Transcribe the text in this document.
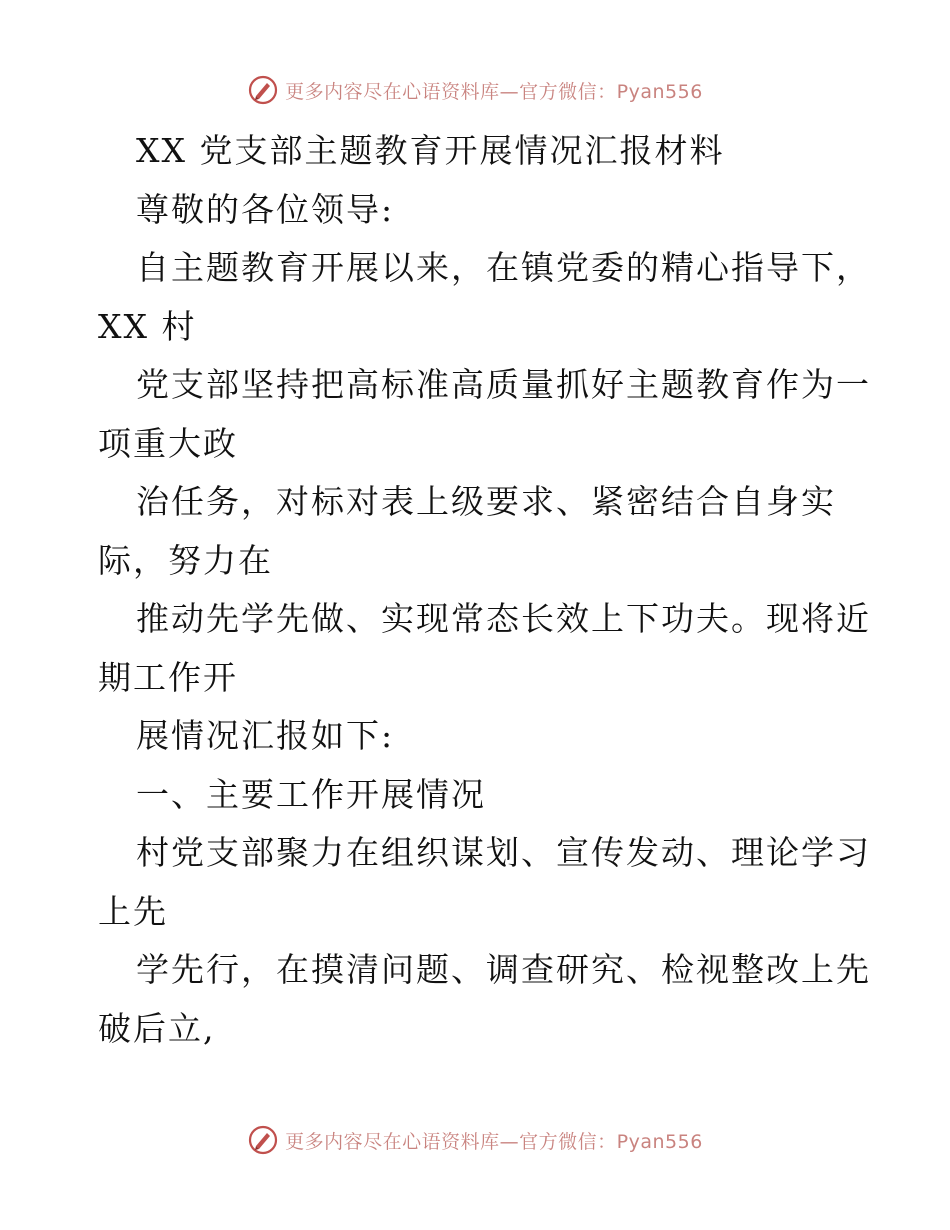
更多内容尽在心语资料库—官方微信：Pyan556
XX 党支部主题教育开展情况汇报材料
尊敬的各位领导:
自主题教育开展以来，在镇党委的精心指导下，
XX 村
党支部坚持把高标准高质量抓好主题教育作为一
项重大政
治任务，对标对表上级要求、紧密结合自身实
际，努力在
推动先学先做、实现常态长效上下功夫。现将近
期工作开
展情况汇报如下:
一、主要工作开展情况
村党支部聚力在组织谋划、宣传发动、理论学习
上先
学先行，在摸清问题、调查研究、检视整改上先
破后立,
更多内容尽在心语资料库—官方微信：Pyan556
